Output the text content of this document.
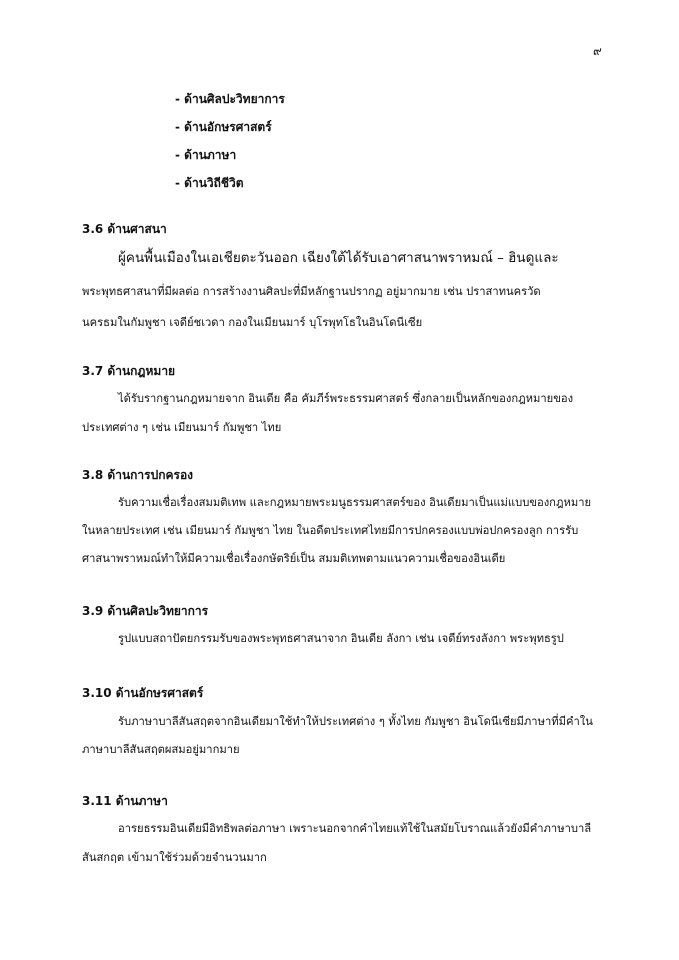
๙
- ด้านศิลปะวิทยาการ
- ด้านอักษรศาสตร์
- ด้านภาษา
- ด้านวิถีชีวิต
3.6 ด้านศาสนา
ผู้คนพื้นเมืองในเอเชียตะวันออก เฉียงใต้ได้รับเอาศาสนาพราหมณ์ – ฮินดูและ
พระพุทธศาสนาที่มีผลต่อ การสร้างงานศิลปะที่มีหลักฐานปรากฏ อยู่มากมาย เช่น ปราสาทนครวัด
นครธมในกัมพูชา เจดีย์ชเวดา กองในเมียนมาร์ บุโรพุทโธในอินโดนีเซีย
3.7 ด้านกฎหมาย
ได้รับรากฐานกฎหมายจาก อินเดีย คือ คัมภีร์พระธรรมศาสตร์ ซึ่งกลายเป็นหลักของกฎหมายของ
ประเทศต่าง ๆ เช่น เมียนมาร์ กัมพูชา ไทย
3.8 ด้านการปกครอง
รับความเชื่อเรื่องสมมติเทพ และกฎหมายพระมนูธรรมศาสตร์ของ อินเดียมาเป็นแม่แบบของกฎหมาย
ในหลายประเทศ เช่น เมียนมาร์ กัมพูชา ไทย ในอดีตประเทศไทยมีการปกครองแบบพ่อปกครองลูก การรับ
ศาสนาพราหมณ์ทำให้มีความเชื่อเรื่องกษัตริย์เป็น สมมติเทพตามแนวความเชื่อของอินเดีย
3.9 ด้านศิลปะวิทยาการ
รูปแบบสถาปัตยกรรมรับของพระพุทธศาสนาจาก อินเดีย ลังกา เช่น เจดีย์ทรงลังกา พระพุทธรูป
3.10 ด้านอักษรศาสตร์
รับภาษาบาลีสันสฤตจากอินเดียมาใช้ทำให้ประเทศต่าง ๆ ทั้งไทย กัมพูชา อินโดนีเซียมีภาษาที่มีคำใน
ภาษาบาลีสันสฤตผสมอยู่มากมาย
3.11 ด้านภาษา
อารยธรรมอินเดียมีอิทธิพลต่อภาษา เพราะนอกจากคำไทยแท้ใช้ในสมัยโบราณแล้วยังมีคำภาษาบาลี
สันสกฤต เข้ามาใช้ร่วมด้วยจำนวนมาก
